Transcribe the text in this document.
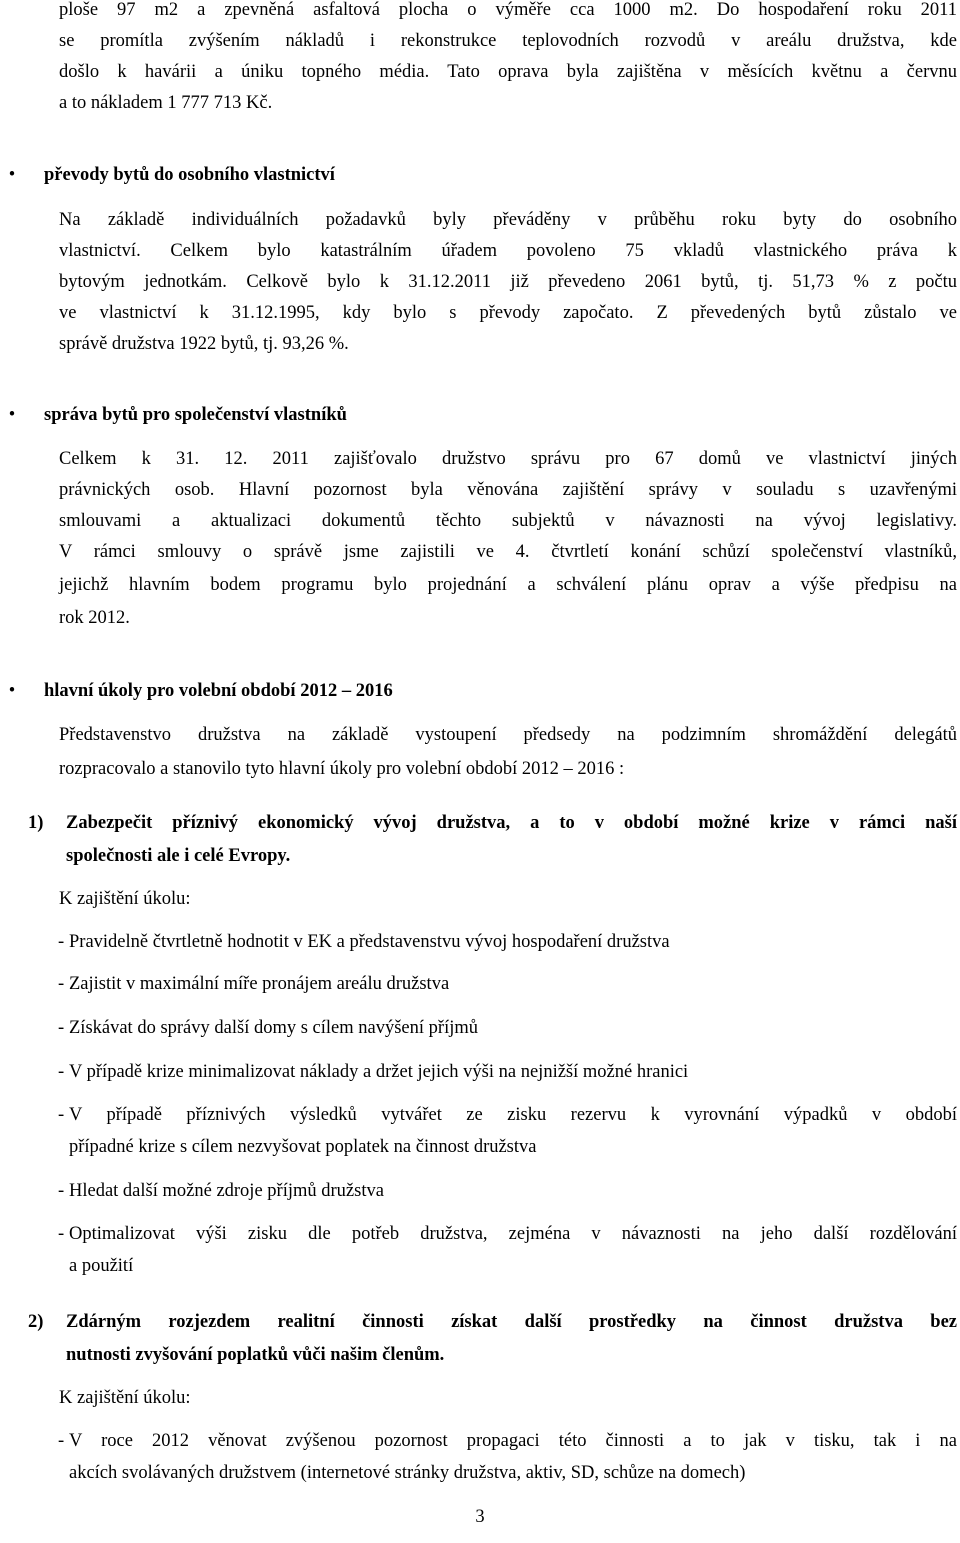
ploše 97 m2 a zpevněná asfaltová plocha o výměře cca 1000 m2. Do hospodaření roku 2011
se promítla zvýšením nákladů i rekonstrukce teplovodních rozvodů v areálu družstva, kde
došlo k havárii a úniku topného média. Tato oprava byla zajištěna v měsících květnu a červnu
a to nákladem 1 777 713 Kč.
• převody bytů do osobního vlastnictví
Na základě individuálních požadavků byly převáděny v průběhu roku byty do osobního
vlastnictví. Celkem bylo katastrálním úřadem povoleno 75 vkladů vlastnického práva k
bytovým jednotkám. Celkově bylo k 31.12.2011 již převedeno 2061 bytů, tj. 51,73 % z počtu
ve vlastnictví k 31.12.1995, kdy bylo s převody započato. Z převedených bytů zůstalo ve
správě družstva 1922 bytů, tj. 93,26 %.
• správa bytů pro společenství vlastníků
Celkem k 31. 12. 2011 zajišťovalo družstvo správu pro 67 domů ve vlastnictví jiných
právnických osob. Hlavní pozornost byla věnována zajištění správy v souladu s uzavřenými
smlouvami a aktualizaci dokumentů těchto subjektů v návaznosti na vývoj legislativy.
V rámci smlouvy o správě jsme zajistili ve 4. čtvrtletí konání schůzí společenství vlastníků,
jejichž hlavním bodem programu bylo projednání a schválení plánu oprav a výše předpisu na
rok 2012.
• hlavní úkoly pro volební období 2012 – 2016
Představenstvo družstva na základě vystoupení předsedy na podzimním shromáždění delegátů
rozpracovalo a stanovilo tyto hlavní úkoly pro volební období 2012 – 2016 :
1) Zabezpečit příznivý ekonomický vývoj družstva, a to v období možné krize v rámci naší
společnosti ale i celé Evropy.
K zajištění úkolu:
- Pravidelně čtvrtletně hodnotit v EK a představenstvu vývoj hospodaření družstva
- Zajistit v maximální míře pronájem areálu družstva
- Získávat do správy další domy s cílem navýšení příjmů
- V případě krize minimalizovat náklady a držet jejich výši na nejnižší možné hranici
- V případě příznivých výsledků vytvářet ze zisku rezervu k vyrovnání výpadků v období
případné krize s cílem nezvyšovat poplatek na činnost družstva
- Hledat další možné zdroje příjmů družstva
- Optimalizovat výši zisku dle potřeb družstva, zejména v návaznosti na jeho další rozdělování
a použití
2) Zdárným rozjezdem realitní činnosti získat další prostředky na činnost družstva bez
nutnosti zvyšování poplatků vůči našim členům.
K zajištění úkolu:
- V roce 2012 věnovat zvýšenou pozornost propagaci této činnosti a to jak v tisku, tak i na
akcích svolávaných družstvem (internetové stránky družstva, aktiv, SD, schůze na domech)
3
